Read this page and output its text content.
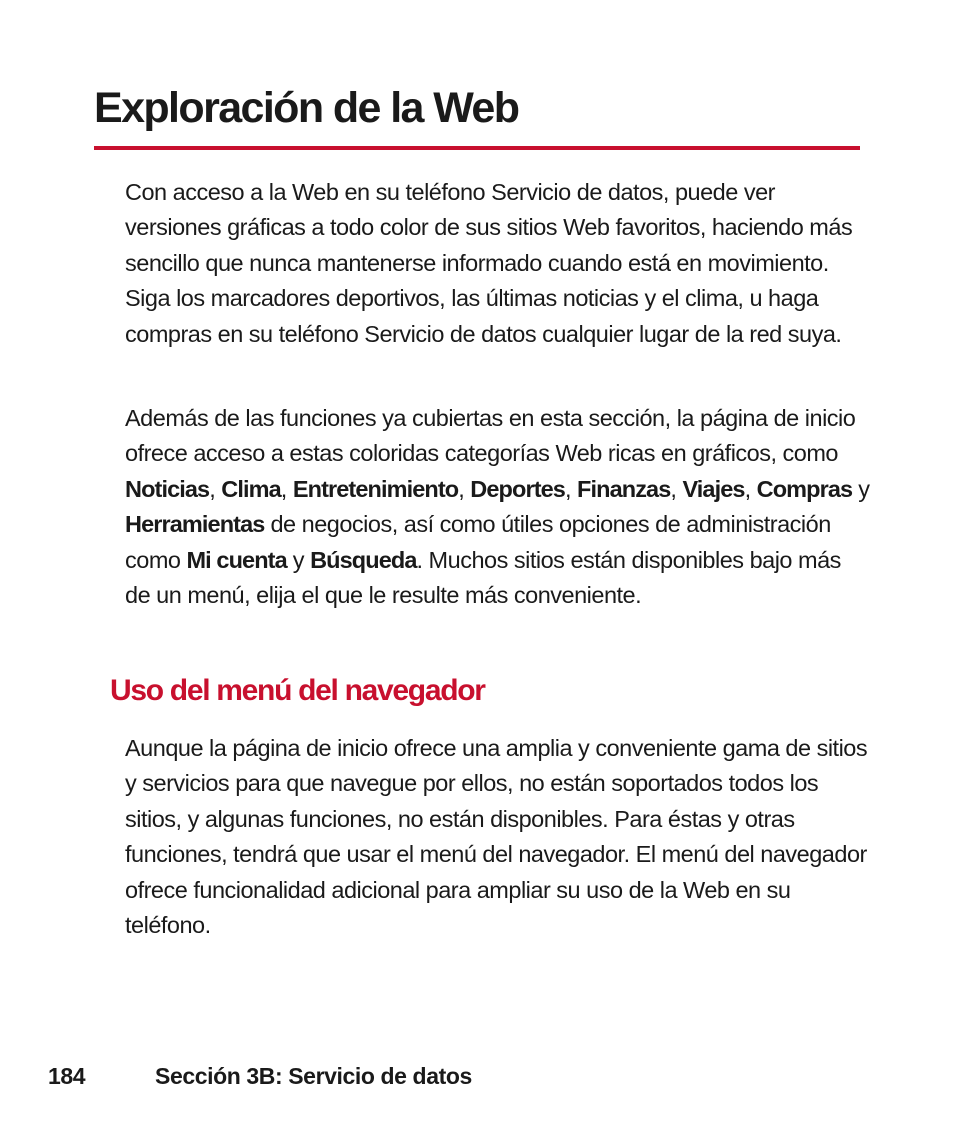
Exploración de la Web

Con acceso a la Web en su teléfono Servicio de datos, puede ver versiones gráficas a todo color de sus sitios Web favoritos, haciendo más sencillo que nunca mantenerse informado cuando está en movimiento. Siga los marcadores deportivos, las últimas noticias y el clima, u haga compras en su teléfono Servicio de datos cualquier lugar de la red suya.

Además de las funciones ya cubiertas en esta sección, la página de inicio ofrece acceso a estas coloridas categorías Web ricas en gráficos, como Noticias, Clima, Entretenimiento, Deportes, Finanzas, Viajes, Compras y Herramientas de negocios, así como útiles opciones de administración como Mi cuenta y Búsqueda. Muchos sitios están disponibles bajo más de un menú, elija el que le resulte más conveniente.

Uso del menú del navegador

Aunque la página de inicio ofrece una amplia y conveniente gama de sitios y servicios para que navegue por ellos, no están soportados todos los sitios, y algunas funciones, no están disponibles. Para éstas y otras funciones, tendrá que usar el menú del navegador. El menú del navegador ofrece funcionalidad adicional para ampliar su uso de la Web en su teléfono.

184	Sección 3B: Servicio de datos
